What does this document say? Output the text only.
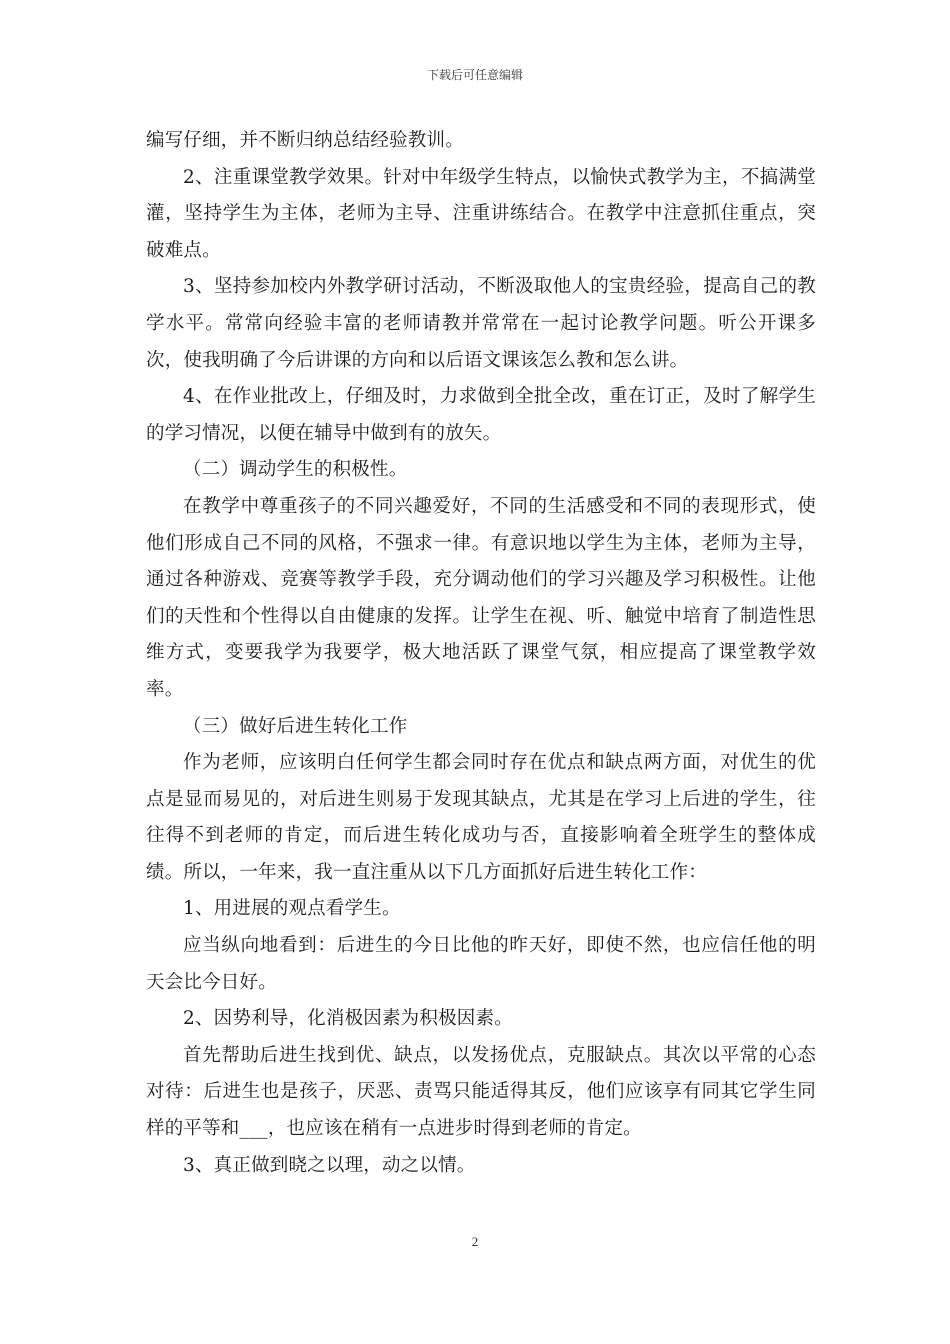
下载后可任意编辑

编写仔细，并不断归纳总结经验教训。

2、注重课堂教学效果。针对中年级学生特点，以愉快式教学为主，不搞满堂灌，坚持学生为主体，老师为主导、注重讲练结合。在教学中注意抓住重点，突破难点。

3、坚持参加校内外教学研讨活动，不断汲取他人的宝贵经验，提高自己的教学水平。常常向经验丰富的老师请教并常常在一起讨论教学问题。听公开课多次，使我明确了今后讲课的方向和以后语文课该怎么教和怎么讲。

4、在作业批改上，仔细及时，力求做到全批全改，重在订正，及时了解学生的学习情况，以便在辅导中做到有的放矢。

（二）调动学生的积极性。

在教学中尊重孩子的不同兴趣爱好，不同的生活感受和不同的表现形式，使他们形成自己不同的风格，不强求一律。有意识地以学生为主体，老师为主导，通过各种游戏、竞赛等教学手段，充分调动他们的学习兴趣及学习积极性。让他们的天性和个性得以自由健康的发挥。让学生在视、听、触觉中培育了制造性思维方式，变要我学为我要学，极大地活跃了课堂气氛，相应提高了课堂教学效率。

（三）做好后进生转化工作

作为老师，应该明白任何学生都会同时存在优点和缺点两方面，对优生的优点是显而易见的，对后进生则易于发现其缺点，尤其是在学习上后进的学生，往往得不到老师的肯定，而后进生转化成功与否，直接影响着全班学生的整体成绩。所以，一年来，我一直注重从以下几方面抓好后进生转化工作：

1、用进展的观点看学生。

应当纵向地看到：后进生的今日比他的昨天好，即使不然，也应信任他的明天会比今日好。

2、因势利导，化消极因素为积极因素。

首先帮助后进生找到优、缺点，以发扬优点，克服缺点。其次以平常的心态对待：后进生也是孩子，厌恶、责骂只能适得其反，他们应该享有同其它学生同样的平等和___，也应该在稍有一点进步时得到老师的肯定。

3、真正做到晓之以理，动之以情。

2
